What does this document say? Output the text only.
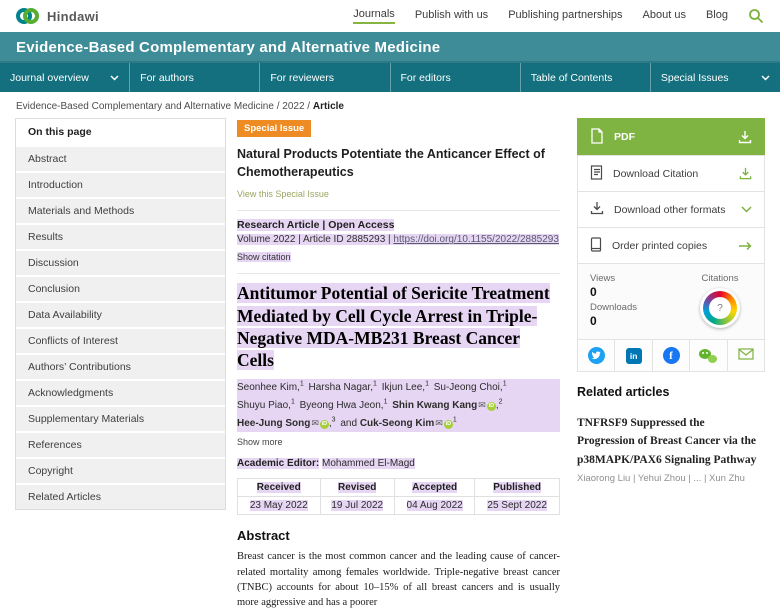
Hindawi	Journals Publish with us Publishing partnerships About us Blog
Evidence-Based Complementary and Alternative Medicine
Journal overview	For authors	For reviewers	For editors	Table of Contents	Special Issues
Evidence-Based Complementary and Alternative Medicine / 2022 / Article
On this page
Abstract
Introduction
Materials and Methods
Results
Discussion
Conclusion
Data Availability
Conflicts of Interest
Authors’ Contributions
Acknowledgments
Supplementary Materials
References
Copyright
Related Articles
Special Issue
Natural Products Potentiate the Anticancer Effect of Chemotherapeutics
View this Special Issue
Research Article | Open Access
Volume 2022 | Article ID 2885293 | https://doi.org/10.1155/2022/2885293
Show citation
Antitumor Potential of Sericite Treatment Mediated by Cell Cycle Arrest in Triple-Negative MDA-MB231 Breast Cancer Cells
Seonhee Kim,$^1$ Harsha Nagar,$^1$ Ikjun Lee,$^1$ Su-Jeong Choi,$^1$ Shuyu Piao,$^1$ Byeong Hwa Jeon,$^1$ Shin Kwang Kang✉ iD ,$^2$ Hee-Jung Song✉ iD ,$^3$ and Cuk-Seong Kim✉ $iD^1$
Show more
Academic Editor: Mohammed El-Magd
Received	Revised	Accepted	Published
23 May 2022	19 Jul 2022	04 Aug 2022	25 Sept 2022
Abstract
Breast cancer is the most common cancer and the leading cause of cancer-related mortality among females worldwide. Triple-negative breast cancer (TNBC) accounts for about 10–15% of all breast cancers and is usually more aggressive and has a poorer
PDF
Download Citation
Download other formats
Order printed copies
Views
0
Downloads
0
Citations
?
in	f
Related articles
TNFRSF9 Suppressed the Progression of Breast Cancer via the p38MAPK/PAX6 Signaling Pathway
Xiaorong Liu | Yehui Zhou | ... | Xun Zhu
